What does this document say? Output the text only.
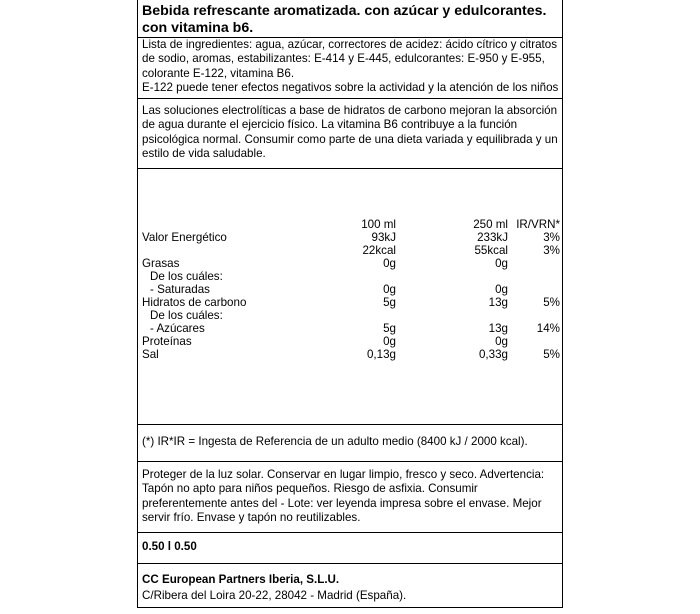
Bebida refrescante aromatizada. con azúcar y edulcorantes. con vitamina b6.
Lista de ingredientes: agua, azúcar, correctores de acidez: ácido cítrico y citratos de sodio, aromas, estabilizantes: E-414 y E-445, edulcorantes: E-950 y E-955, colorante E-122, vitamina B6.
E-122 puede tener efectos negativos sobre la actividad y la atención de los niños
Las soluciones electrolíticas a base de hidratos de carbono mejoran la absorción de agua durante el ejercicio físico. La vitamina B6 contribuye a la función psicológica normal. Consumir como parte de una dieta variada y equilibrada y un estilo de vida saludable.
	100 ml	250 ml	IR/VRN*
Valor Energético	93kJ	233kJ	3%
	22kcal	55kcal	3%
Grasas	0g	0g	
De los cuáles:			
- Saturadas	0g	0g	
Hidratos de carbono	5g	13g	5%
De los cuáles:			
- Azúcares	5g	13g	14%
Proteínas	0g	0g	
Sal	0,13g	0,33g	5%
(*) IR*IR = Ingesta de Referencia de un adulto medio (8400 kJ / 2000 kcal).
Proteger de la luz solar. Conservar en lugar limpio, fresco y seco. Advertencia: Tapón no apto para niños pequeños. Riesgo de asfixia. Consumir preferentemente antes del - Lote: ver leyenda impresa sobre el envase. Mejor servir frío. Envase y tapón no reutilizables.
0.50 l 0.50
CC European Partners Iberia, S.L.U.
C/Ribera del Loira 20-22, 28042 - Madrid (España).
